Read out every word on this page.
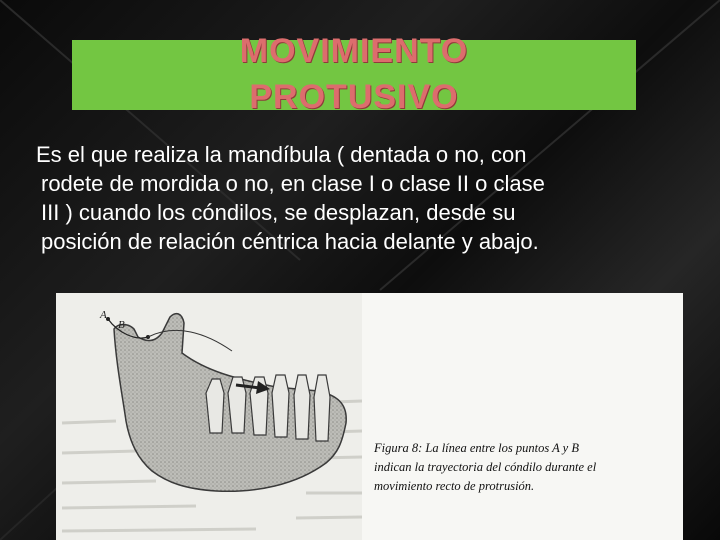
MOVIMIENTO
PROTUSIVO

Es el que realiza la mandíbula ( dentada o no, con
rodete de mordida o no, en clase I o clase II o clase
III ) cuando los cóndilos, se desplazan, desde su
posición de relación céntrica hacia delante y abajo.

A
B
Figura 8: La línea entre los puntos A y B
indican la trayectoria del cóndilo durante el
movimiento recto de protrusión.
